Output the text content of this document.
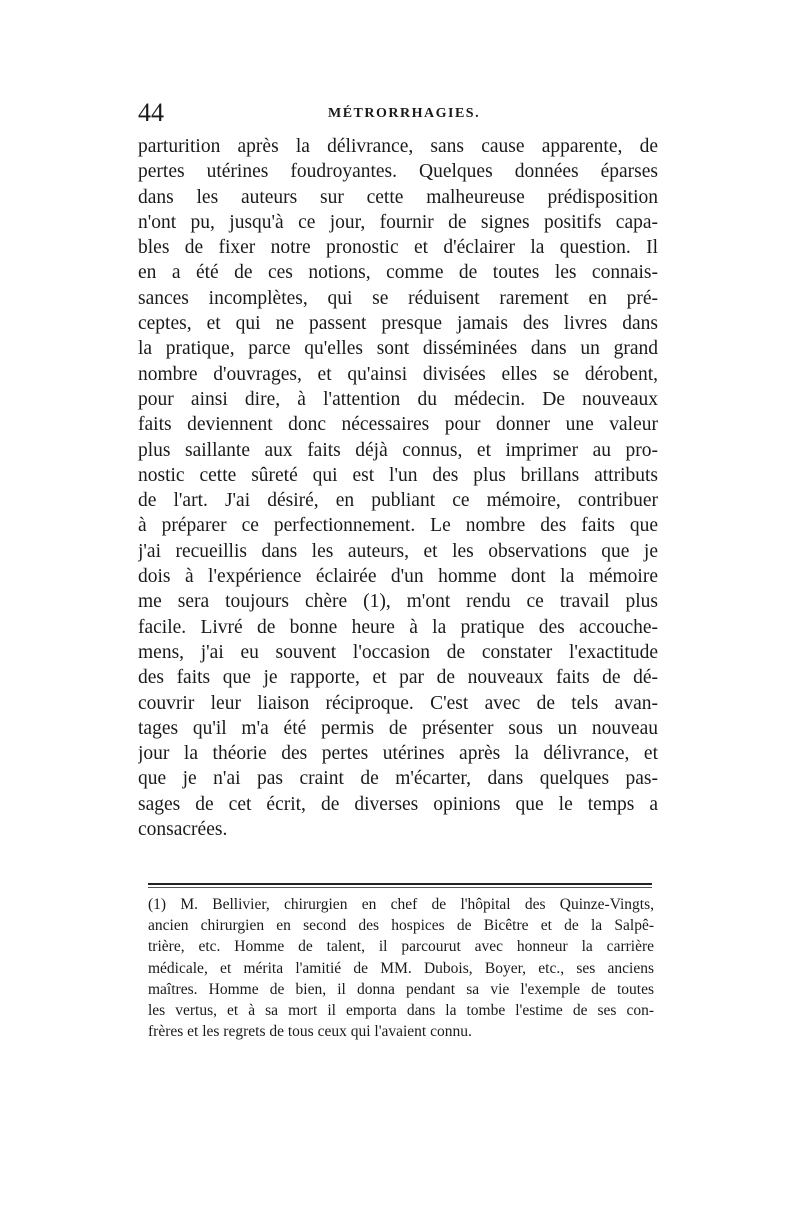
44	MÉTRORRHAGIES.
parturition après la délivrance, sans cause apparente, de
pertes utérines foudroyantes. Quelques données éparses
dans les auteurs sur cette malheureuse prédisposition
n'ont pu, jusqu'à ce jour, fournir de signes positifs capa-
bles de fixer notre pronostic et d'éclairer la question. Il
en a été de ces notions, comme de toutes les connais-
sances incomplètes, qui se réduisent rarement en pré-
ceptes, et qui ne passent presque jamais des livres dans
la pratique, parce qu'elles sont disséminées dans un grand
nombre d'ouvrages, et qu'ainsi divisées elles se dérobent,
pour ainsi dire, à l'attention du médecin. De nouveaux
faits deviennent donc nécessaires pour donner une valeur
plus saillante aux faits déjà connus, et imprimer au pro-
nostic cette sûreté qui est l'un des plus brillans attributs
de l'art. J'ai désiré, en publiant ce mémoire, contribuer
à préparer ce perfectionnement. Le nombre des faits que
j'ai recueillis dans les auteurs, et les observations que je
dois à l'expérience éclairée d'un homme dont la mémoire
me sera toujours chère (1), m'ont rendu ce travail plus
facile. Livré de bonne heure à la pratique des accouche-
mens, j'ai eu souvent l'occasion de constater l'exactitude
des faits que je rapporte, et par de nouveaux faits de dé-
couvrir leur liaison réciproque. C'est avec de tels avan-
tages qu'il m'a été permis de présenter sous un nouveau
jour la théorie des pertes utérines après la délivrance, et
que je n'ai pas craint de m'écarter, dans quelques pas-
sages de cet écrit, de diverses opinions que le temps a
consacrées.
(1) M. Bellivier, chirurgien en chef de l'hôpital des Quinze-Vingts,
ancien chirurgien en second des hospices de Bicêtre et de la Salpê-
trière, etc. Homme de talent, il parcourut avec honneur la carrière
médicale, et mérita l'amitié de MM. Dubois, Boyer, etc., ses anciens
maîtres. Homme de bien, il donna pendant sa vie l'exemple de toutes
les vertus, et à sa mort il emporta dans la tombe l'estime de ses con-
frères et les regrets de tous ceux qui l'avaient connu.
